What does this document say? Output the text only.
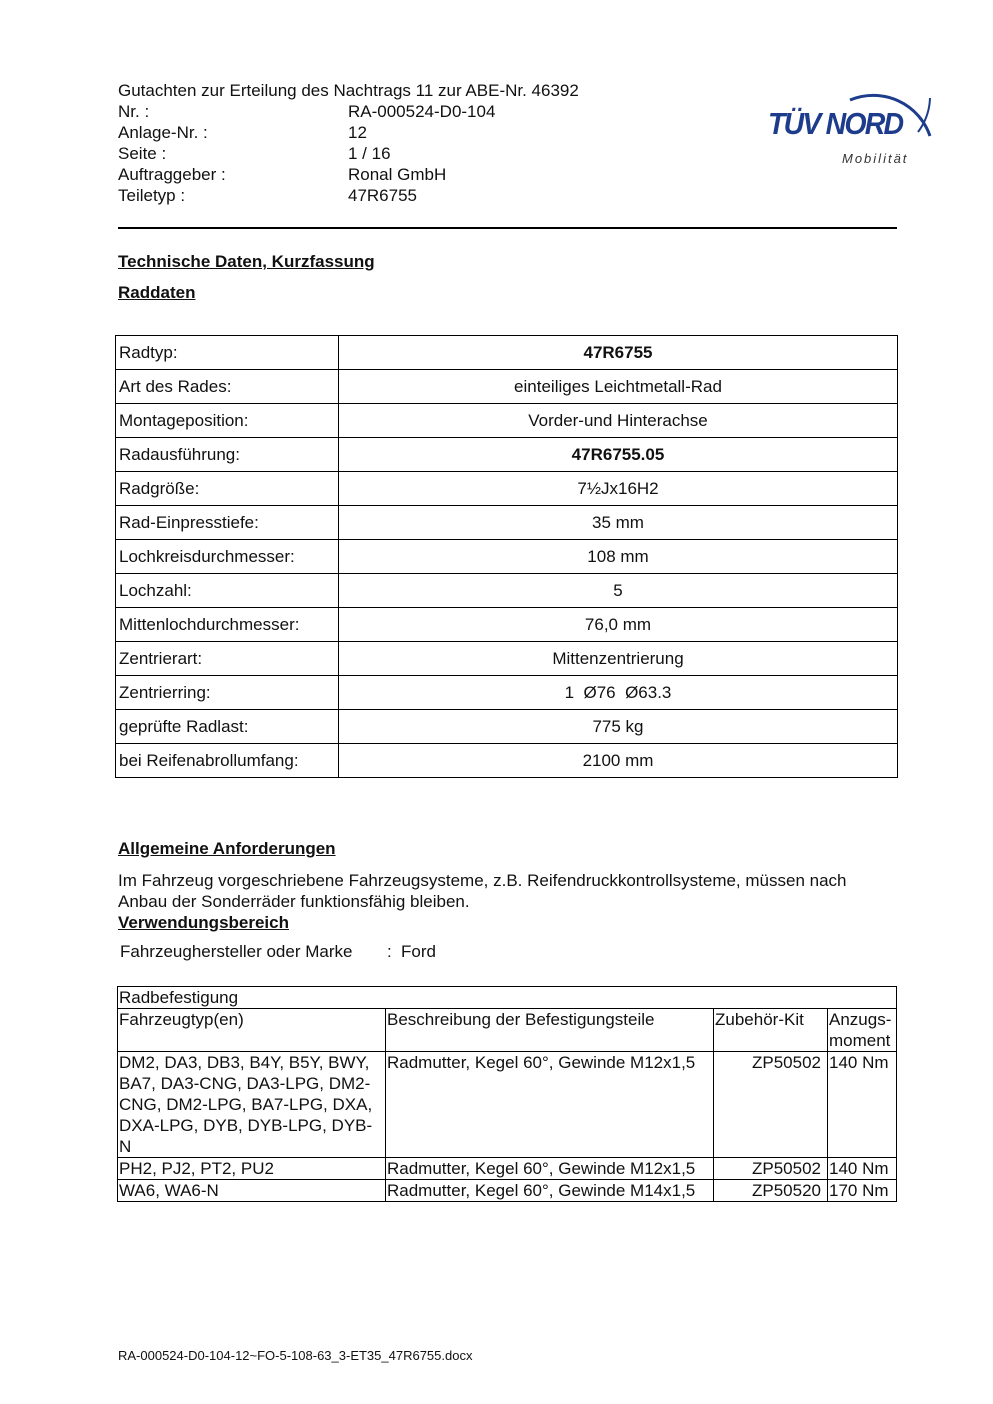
Gutachten zur Erteilung des Nachtrags 11 zur ABE-Nr. 46392
Nr. :	RA-000524-D0-104
Anlage-Nr. :	12
Seite :	1 / 16
Auftraggeber :	Ronal GmbH
Teiletyp :	47R6755
TÜV NORD
Mobilität
Technische Daten, Kurzfassung
Raddaten
Radtyp:	47R6755
Art des Rades:	einteiliges Leichtmetall-Rad
Montageposition:	Vorder-und Hinterachse
Radausführung:	47R6755.05
Radgröße:	7½Jx16H2
Rad-Einpresstiefe:	35 mm
Lochkreisdurchmesser:	108 mm
Lochzahl:	5
Mittenlochdurchmesser:	76,0 mm
Zentrierart:	Mittenzentrierung
Zentrierring:	1  Ø76  Ø63.3
geprüfte Radlast:	775 kg
bei Reifenabrollumfang:	2100 mm
Allgemeine Anforderungen
Im Fahrzeug vorgeschriebene Fahrzeugsysteme, z.B. Reifendruckkontrollsysteme, müssen nach Anbau der Sonderräder funktionsfähig bleiben.
Verwendungsbereich
Fahrzeughersteller oder Marke	: Ford
Radbefestigung			
Fahrzeugtyp(en)	Beschreibung der Befestigungsteile	Zubehör-Kit	Anzugs-
moment
DM2, DA3, DB3, B4Y, B5Y, BWY, BA7, DA3-CNG, DA3-LPG, DM2-CNG, DM2-LPG, BA7-LPG, DXA, DXA-LPG, DYB, DYB-LPG, DYB-N	Radmutter, Kegel 60°, Gewinde M12x1,5	ZP50502	140 Nm
PH2, PJ2, PT2, PU2	Radmutter, Kegel 60°, Gewinde M12x1,5	ZP50502	140 Nm
WA6, WA6-N	Radmutter, Kegel 60°, Gewinde M14x1,5	ZP50520	170 Nm
RA-000524-D0-104-12~FO-5-108-63_3-ET35_47R6755.docx
